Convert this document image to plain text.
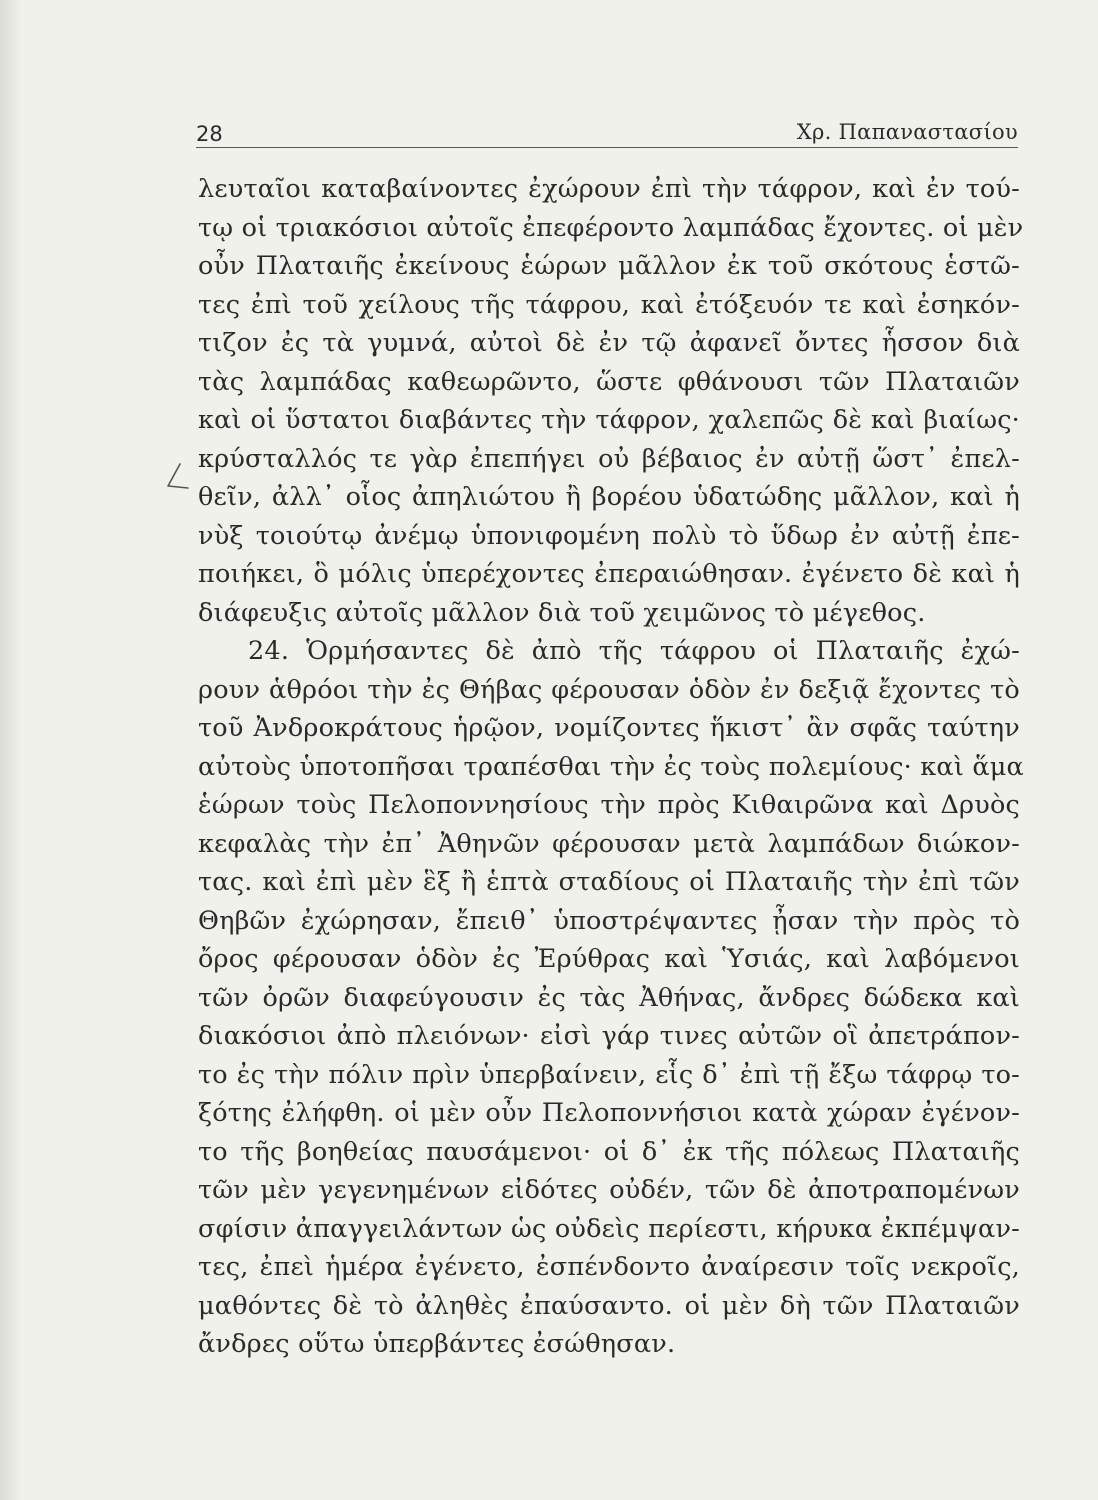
28	Χρ. Παπαναστασίου
λευταῖοι καταβαίνοντες ἐχώρουν ἐπὶ τὴν τάφρον, καὶ ἐν τού-
τῳ οἱ τριακόσιοι αὐτοῖς ἐπεφέροντο λαμπάδας ἔχοντες. οἱ μὲν
οὖν Πλαταιῆς ἐκείνους ἑώρων μᾶλλον ἐκ τοῦ σκότους ἑστῶ-
τες ἐπὶ τοῦ χείλους τῆς τάφρου, καὶ ἐτόξευόν τε καὶ ἐσηκόν-
τιζον ἐς τὰ γυμνά, αὐτοὶ δὲ ἐν τῷ ἀφανεῖ ὄντες ἧσσον διὰ
τὰς λαμπάδας καθεωρῶντο, ὥστε φθάνουσι τῶν Πλαταιῶν
καὶ οἱ ὕστατοι διαβάντες τὴν τάφρον, χαλεπῶς δὲ καὶ βιαίως·
κρύσταλλός τε γὰρ ἐπεπήγει οὐ βέβαιος ἐν αὐτῇ ὥστ᾽ ἐπελ-
θεῖν, ἀλλ᾽ οἷος ἀπηλιώτου ἢ βορέου ὑδατώδης μᾶλλον, καὶ ἡ
νὺξ τοιούτῳ ἀνέμῳ ὑπονιφομένη πολὺ τὸ ὕδωρ ἐν αὐτῇ ἐπε-
ποιήκει, ὃ μόλις ὑπερέχοντες ἐπεραιώθησαν. ἐγένετο δὲ καὶ ἡ
διάφευξις αὐτοῖς μᾶλλον διὰ τοῦ χειμῶνος τὸ μέγεθος.
24. Ὁρμήσαντες δὲ ἀπὸ τῆς τάφρου οἱ Πλαταιῆς ἐχώ-
ρουν ἁθρόοι τὴν ἐς Θήβας φέρουσαν ὁδὸν ἐν δεξιᾷ ἔχοντες τὸ
τοῦ Ἀνδροκράτους ἡρῷον, νομίζοντες ἥκιστ᾽ ἂν σφᾶς ταύτην
αὐτοὺς ὑποτοπῆσαι τραπέσθαι τὴν ἐς τοὺς πολεμίους· καὶ ἅμα
ἑώρων τοὺς Πελοποννησίους τὴν πρὸς Κιθαιρῶνα καὶ Δρυὸς
κεφαλὰς τὴν ἐπ᾽ Ἀθηνῶν φέρουσαν μετὰ λαμπάδων διώκον-
τας. καὶ ἐπὶ μὲν ἓξ ἢ ἑπτὰ σταδίους οἱ Πλαταιῆς τὴν ἐπὶ τῶν
Θηβῶν ἐχώρησαν, ἔπειθ᾽ ὑποστρέψαντες ᾖσαν τὴν πρὸς τὸ
ὄρος φέρουσαν ὁδὸν ἐς Ἐρύθρας καὶ Ὑσιάς, καὶ λαβόμενοι
τῶν ὀρῶν διαφεύγουσιν ἐς τὰς Ἀθήνας, ἄνδρες δώδεκα καὶ
διακόσιοι ἀπὸ πλειόνων· εἰσὶ γάρ τινες αὐτῶν οἳ ἀπετράπον-
το ἐς τὴν πόλιν πρὶν ὑπερβαίνειν, εἷς δ᾽ ἐπὶ τῇ ἔξω τάφρῳ το-
ξότης ἐλήφθη. οἱ μὲν οὖν Πελοποννήσιοι κατὰ χώραν ἐγένον-
το τῆς βοηθείας παυσάμενοι· οἱ δ᾽ ἐκ τῆς πόλεως Πλαταιῆς
τῶν μὲν γεγενημένων εἰδότες οὐδέν, τῶν δὲ ἀποτραπομένων
σφίσιν ἀπαγγειλάντων ὡς οὐδεὶς περίεστι, κήρυκα ἐκπέμψαν-
τες, ἐπεὶ ἡμέρα ἐγένετο, ἐσπένδοντο ἀναίρεσιν τοῖς νεκροῖς,
μαθόντες δὲ τὸ ἀληθὲς ἐπαύσαντο. οἱ μὲν δὴ τῶν Πλαταιῶν
ἄνδρες οὕτω ὑπερβάντες ἐσώθησαν.
